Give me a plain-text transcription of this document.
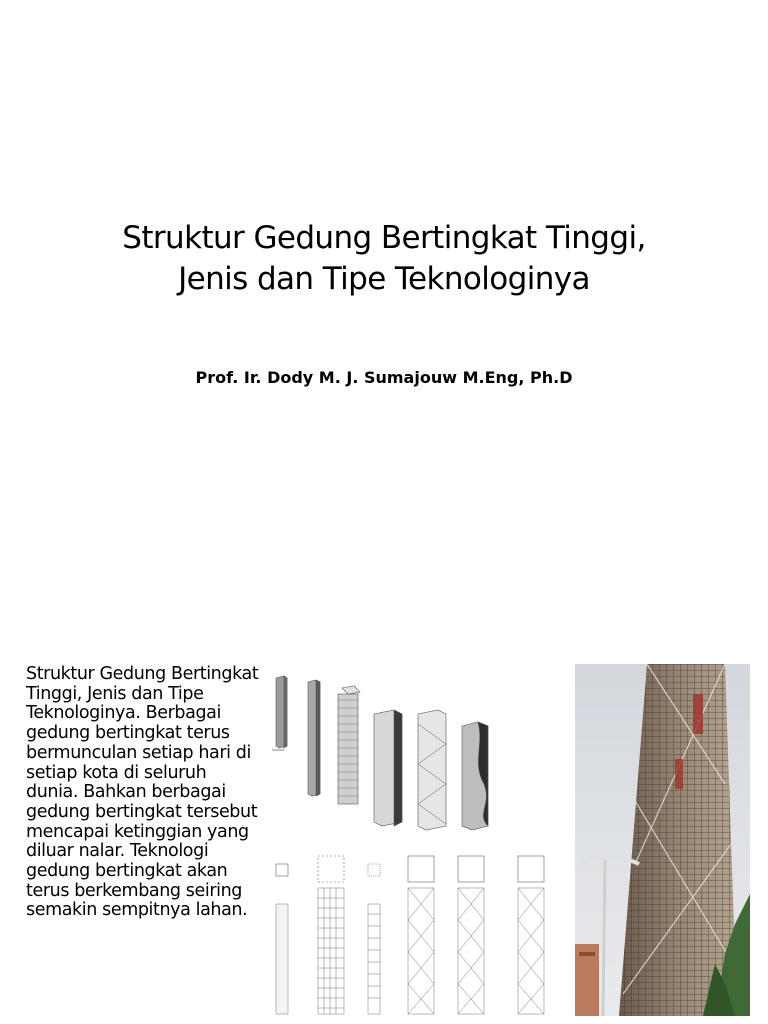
Struktur Gedung Bertingkat Tinggi,
Jenis dan Tipe Teknologinya
Prof. Ir. Dody M. J. Sumajouw M.Eng, Ph.D
Struktur Gedung Bertingkat Tinggi, Jenis dan Tipe Teknologinya. Berbagai gedung bertingkat terus bermunculan setiap hari di setiap kota di seluruh dunia. Bahkan berbagai gedung bertingkat tersebut mencapai ketinggian yang diluar nalar. Teknologi gedung bertingkat akan terus berkembang seiring semakin sempitnya lahan.
